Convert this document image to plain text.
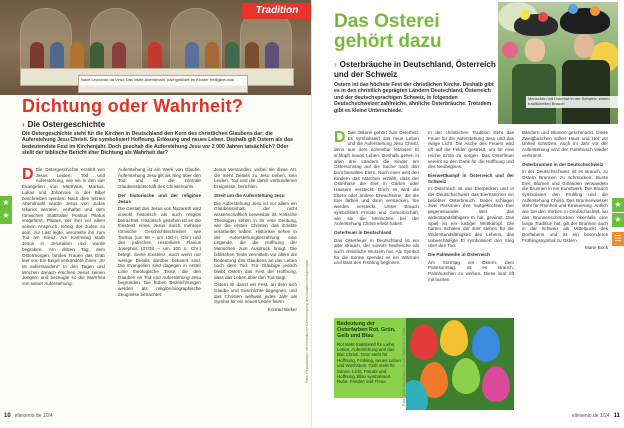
Tradition
Nach Leonardo da Vinci: Das letzte Abendmahl, nachgebildet im Kloster Heiligkreuztal
Dichtung oder Wahrheit?
› Die Ostergeschichte
Die Ostergeschichte steht für die Kirchen in Deutschland den Kern des christlichen Glaubens dar: die Auferstehung Jesu Christi. Sie symbolisiert Hoffnung, Erlösung und neues Leben. Deshalb gilt Ostern als das bedeutendste Fest im Kirchenjahr. Doch geschah die Auferstehung Jesu vor 2 000 Jahren tatsächlich? Oder stellt der biblische Bericht eher Dichtung als Wahrheit dar?
D Die Ostergeschichte erzählt von Jesus Leiden, Tod und Auferstehung, wie sie in den vier Evangelien von Matthäus, Markus, Lukas und Johannes in der Bibel beschrieben werden. Nach dem letzten Abendmahl wurde Jesus von Judas Iskariot verraten, verhaftet und dem römischen Statthalter Pontius Pilatus vorgeführt. Pilatus, der ihm vor allem seinen Anspruch, König der Juden zu sein, zur Last legte, verurteilte ihn zum Tod am Kreuz. Am Karfreitag starb Jesus in Jerusalem und wurde begraben. Am dritten Tag, dem Ostermorgen, fanden Frauen das Grab leer vor. Ein Engel verkündete ihnen: „Er ist auferstanden!“ In den Tagen und Wochen danach erschien Jesus seinen Jüngern und bezeugte so die Wahrheit von seiner Auferstehung.

Auferstehung ist ein Werk von Glaube. Auferstehung Jesu gilt als Sieg über den Tod und ist die zentrale Glaubensbotschaft des Christentums.

Der historische und der religiöse Jesus

Die Gestalt des Jesus von Nazareth wird sowohl historisch als auch religiös betrachtet. Historisch gesehen ist es die Existenz eines Jesus durch mehrere römische Geschichtsschreiber wie Tacitus (um 58 – um 120 n. Chr.) und des jüdischen Historikers Flavius Josephus (37/38 – um 100 n. Chr.) belegt. Seine Existenz, auch wenn nur wenige Details darüber bekannt sind. Die Evangelien sind dagegen in erster Linie theologische Texte, die den Glauben an Tod und Auferstehung Jesu begründen. Die frühen Bezeichnungen werden als religiös-biographische Zeugnisse betrachtet.

Jesus verstanden, wobei sie diese Art, die mehr Details zu Jesu Leben, sein Leiden, Tod und die damit verbundenen Ereignisse, berichten.

Streit um die Auferstehung Jesu

Die Auferstehung Jesu ist vor allem ein Glaubensinhalt, der nicht wissenschaftlich beweisbar ist. Kritische Theologen sehen in ihr eine Deutung, wie die ersten Christen das Erlebte verarbeitet haben. Historiker sehen in der Auferstehungserzählung eine Legende, die die Hoffnung der Menschen zum Ausdruck bringt. Die biblischen Texte vermitteln vor allem die Bedeutung des Glaubens an das Leben nach dem Tod. Für Gläubige jedoch bleibt Ostern das Fest der Hoffnung, dass das Leben über den Tod siegt.

Ostern ist damit ein Fest, an dem sich Glaube und Geschichte begegnen, und das Christen weltweit jedes Jahr als Symbol für ein neues Leben feiern.

Konrad Bieker Foto: Reproduktion mit freundlicher Genehmigung des Klosters Heiligkreuztal
★
★
10 ellexenio.de 1/24
Das Osterei
gehört dazu
› Osterbräuche in Deutschland, Österreich und der Schweiz
Ostern ist das höchste Fest der christlichen Kirche. Deshalb gibt es in den christlich geprägten Ländern Deutschland, Österreich und der deutschsprachigen Schweiz, in folgenden Deutschschweizer zahlreiche, ähnliche Osterbräuche. Trotzdem gibt es kleine Unterschiede.
Menschen mit Osterhut in der Schweiz, einem traditionellen Brauch
D Das Osterei gehört zum Osterfest. Es symbolisiert das neue Leben und die Auferstehung Jesu Christi, denn aus dem scheinbar leblosen Ei schlüpft neues Leben. Deshalb gehen in allen drei Ländern die Kinder am Ostersonntag auf die Suche nach den bunt bemalten Eiern. Nach einer weit den Kindern das Märchen erzählt, dass der Osterhase die Eier in Gärten oder Häusern versteckt. Doch es wird die Eltern oder andere Erwachsene, die die Eier färben und dann verstecken. Sie werden versteckt. Unser Brauch symbolisiert Freude und Gemeinschaft, wie sie die Menschen bei der Auferstehung Christi erlebt haben.

Osterfeuer in Deutschland

Das Osterfeuer in Deutschland ist ein alter Brauch, der sowohl heidnische als auch christliche Wurzeln hat. Als Symbol für die Sonne spendet es ein Wärmen und lässt den Frühling beginnen.

In der christlichen Tradition steht das Feuer für die Auferstehung Jesu und das ewige Licht. Die Asche des Feuers wird oft auf die Felder gestreut, um für eine reiche Ernte zu sorgen. Das Osterfeuer vereint so den Dank für die Hoffnung und des Neubeginns.

Eierwettkampf in Österreich und der Schweiz

In Österreich ist das Eierpecken und in der Deutschschweiz das Eiertütschen ein beliebter Osterbrauch. Dabei schlagen zwei Personen ihre hartgekochten Eier gegeneinander. Wer das widerstandsfähigere Ei hat, gewinnt. Das Spiel ist ein lustiger Wettkampf. Die harten Schalen der Eier stehen für die Widerstandsfähigkeit des Lebens, das unbeschädigte Ei symbolisiert den Sieg über den Tod.

Die Palmweihe in Österreich

Am Sonntag vor Ostern, dem Palmsonntag, ist es Brauch, Palmbuschen zu weihen. Diese sind oft mit bunten

Bändern und Blumen geschmückt. Diese Zweigbuschen sollen Haus und Hof vor Unheil schützen. Auch im Jahr vor der Auferstehung wird der Palmbusch wieder verbrannt.

Osterbrunnen in der Deutschschweiz

In der Deutschschweiz ist es Brauch, zu Ostern Brunnen zu schmücken. Bunte Eier, Blumen und Girlanden verwandeln die Brunnen in ein Kunstwerk. Der Brauch symbolisiert den Frühling und die Auferstehung Christi. Das Brunnenwasser steht für Reinheit und Erneuerung. Antlich wie bei den Sorben in Großschachtel, wo das Brunnenschmücken ebenfalls eine lange Tradition hat, gilt der Brunnen auch in der Schweiz als Mittelpunkt des Dorflebens und ist ein besonderes Frühlingssymbol zu Ostern.

Marie Bock
Bedeutung der Osterfarben Rot, Grün, Gelb und Blau
Rot steht traditionell für Liebe, Leben, Auferstehung und das Blut Christi. Grün steht für Hoffnung, Frühling, neues Leben und Wachstum. Gelb steht für Sonne, Licht, Freude und Hoffnung. Blau symbolisiert Ruhe, Frieden und Treue.	Foto: stock.adobe.com / Bunte Ostereier im Gras
★
★
☰
ellexenio.de 1/24 11
